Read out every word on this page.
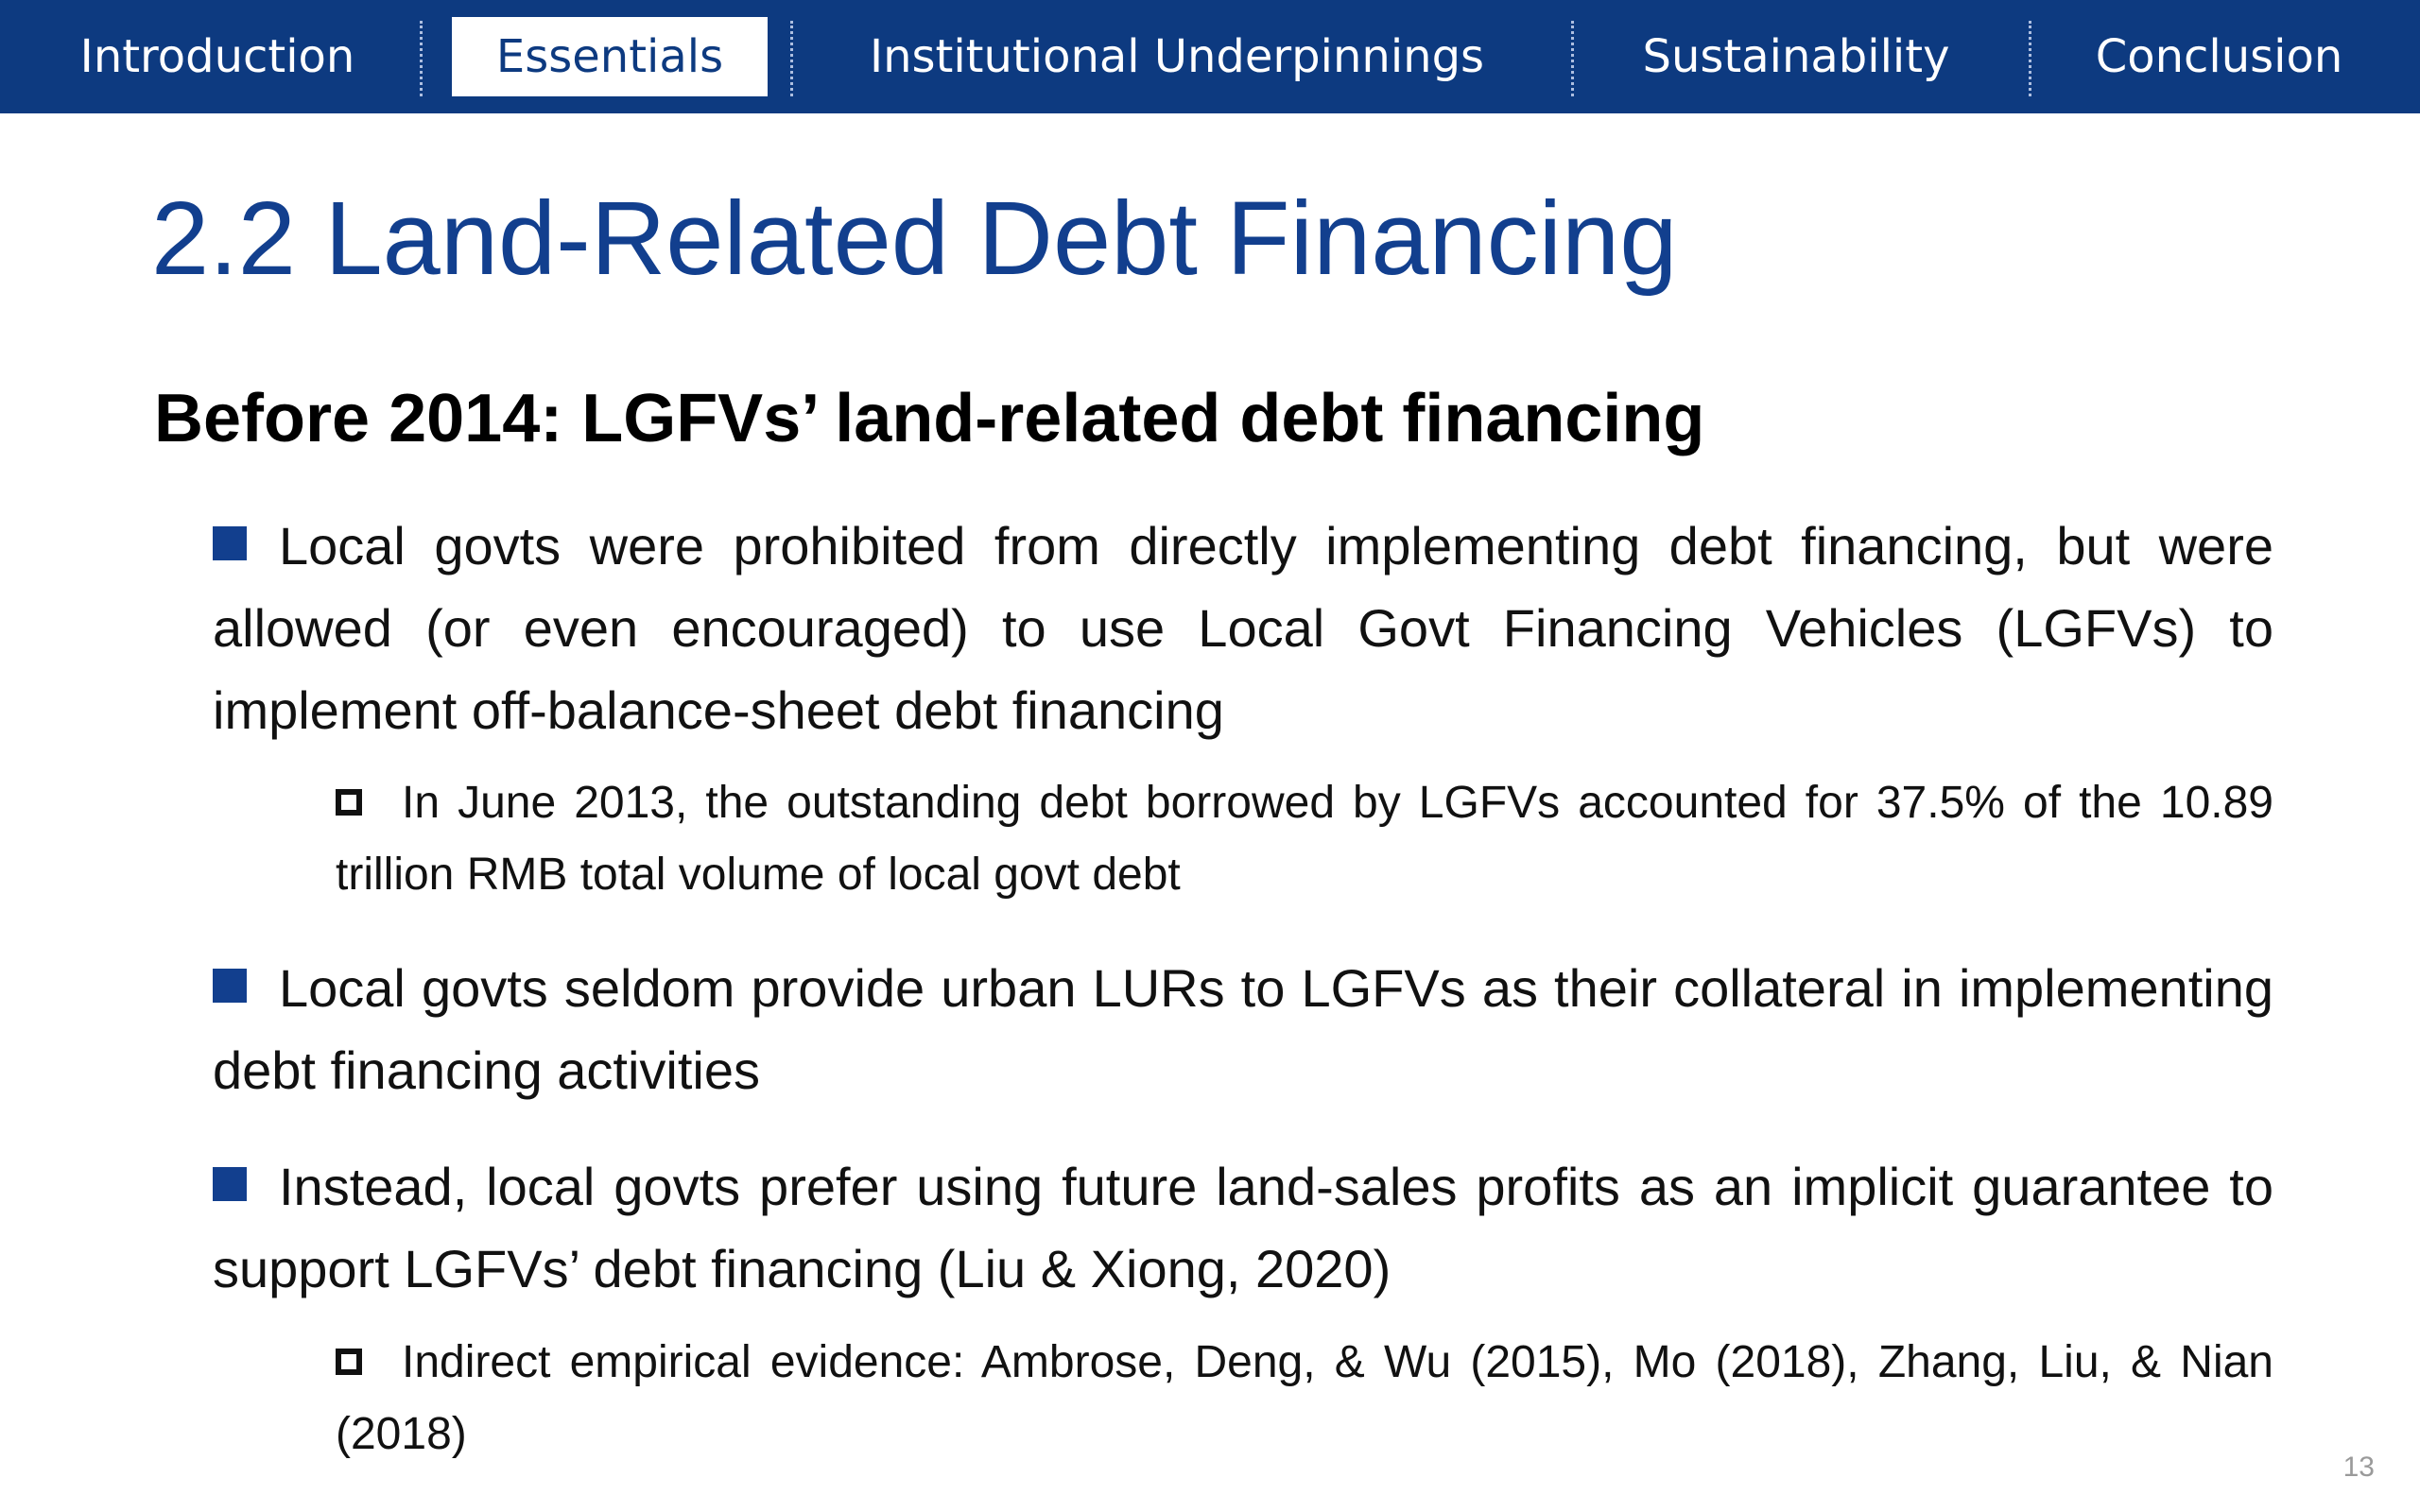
Introduction	Essentials	Institutional Underpinnings	Sustainability	Conclusion
2.2 Land-Related Debt Financing
Before 2014: LGFVs’ land-related debt financing

Local govts were prohibited from directly implementing debt financing, but were allowed (or even encouraged) to use Local Govt Financing Vehicles (LGFVs) to implement off-balance-sheet debt financing

In June 2013, the outstanding debt borrowed by LGFVs accounted for 37.5% of the 10.89 trillion RMB total volume of local govt debt

Local govts seldom provide urban LURs to LGFVs as their collateral in implementing debt financing activities

Instead, local govts prefer using future land-sales profits as an implicit guarantee to support LGFVs’ debt financing (Liu & Xiong, 2020)

Indirect empirical evidence: Ambrose, Deng, & Wu (2015), Mo (2018), Zhang, Liu, & Nian (2018)

13
